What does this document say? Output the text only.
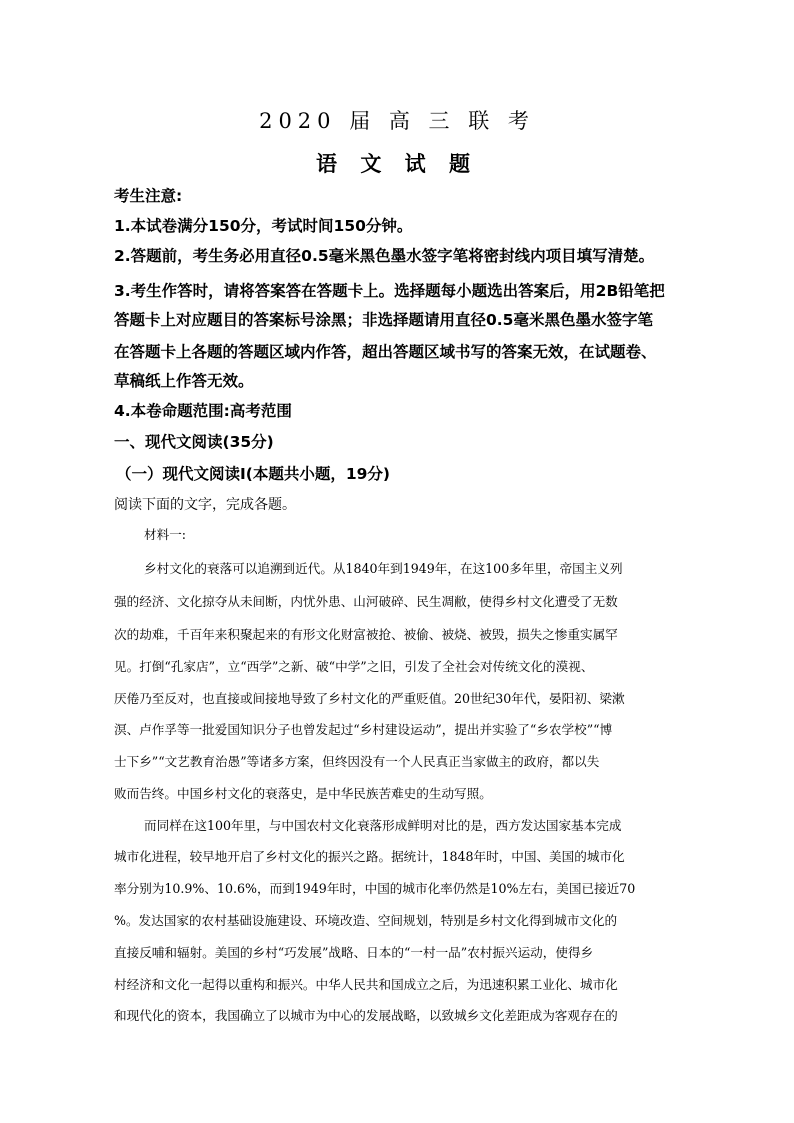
2020 届 高 三 联 考
语 文 试 题
考生注意:
1.本试卷满分150分，考试时间150分钟。
2.答题前，考生务必用直径0.5毫米黑色墨水签字笔将密封线内项目填写清楚。
3.考生作答时，请将答案答在答题卡上。选择题每小题选出答案后，用2B铅笔把
答题卡上对应题目的答案标号涂黑；非选择题请用直径0.5毫米黑色墨水签字笔
在答题卡上各题的答题区域内作答，超出答题区域书写的答案无效，在试题卷、
草稿纸上作答无效。
4.本卷命题范围:高考范围
一、现代文阅读(35分)
（一）现代文阅读Ⅰ(本题共小题，19分)
阅读下面的文字，完成各题。
材料一:
乡村文化的衰落可以追溯到近代。从1840年到1949年，在这100多年里，帝国主义列
强的经济、文化掠夺从未间断，内忧外患、山河破碎、民生凋敝，使得乡村文化遭受了无数
次的劫难，千百年来积聚起来的有形文化财富被抢、被偷、被烧、被毁，损失之惨重实属罕
见。打倒“孔家店”，立“西学”之新、破“中学”之旧，引发了全社会对传统文化的漠视、
厌倦乃至反对，也直接或间接地导致了乡村文化的严重贬值。20世纪30年代，晏阳初、梁漱
溟、卢作孚等一批爱国知识分子也曾发起过“乡村建设运动”，提出并实验了“乡农学校”“博
士下乡”“文艺教育治愚”等诸多方案，但终因没有一个人民真正当家做主的政府，都以失
败而告终。中国乡村文化的衰落史，是中华民族苦难史的生动写照。
而同样在这100年里，与中国农村文化衰落形成鲜明对比的是，西方发达国家基本完成
城市化进程，较早地开启了乡村文化的振兴之路。据统计，1848年时，中国、美国的城市化
率分别为10.9%、10.6%，而到1949年时，中国的城市化率仍然是10%左右，美国已接近70
%。发达国家的农村基础设施建设、环境改造、空间规划，特别是乡村文化得到城市文化的
直接反哺和辐射。美国的乡村“巧发展”战略、日本的“一村一品”农村振兴运动，使得乡
村经济和文化一起得以重构和振兴。中华人民共和国成立之后，为迅速积累工业化、城市化
和现代化的资本，我国确立了以城市为中心的发展战略，以致城乡文化差距成为客观存在的
